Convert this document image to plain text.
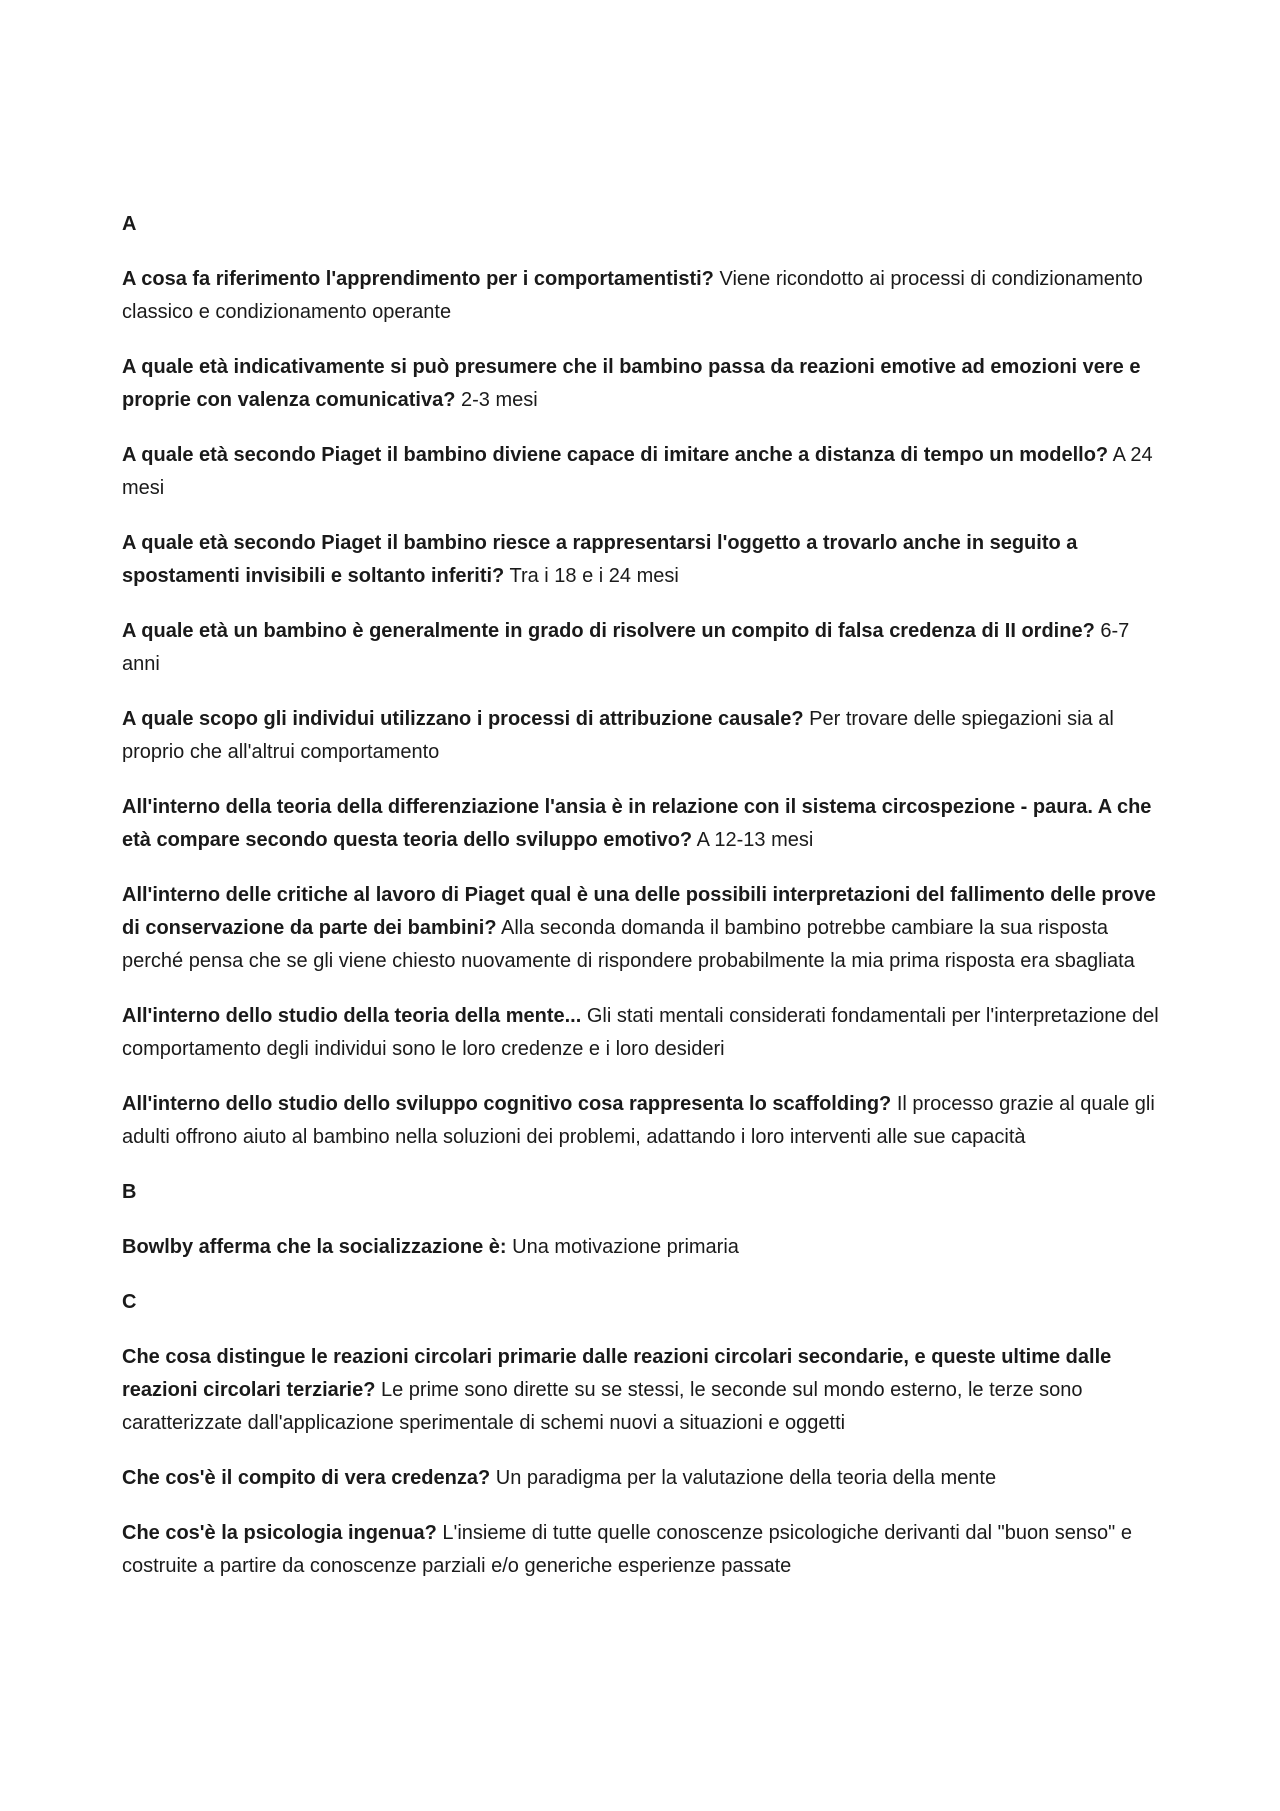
A

A cosa fa riferimento l'apprendimento per i comportamentisti? Viene ricondotto ai processi di condizionamento classico e condizionamento operante

A quale età indicativamente si può presumere che il bambino passa da reazioni emotive ad emozioni vere e proprie con valenza comunicativa? 2-3 mesi

A quale età secondo Piaget il bambino diviene capace di imitare anche a distanza di tempo un modello? A 24 mesi

A quale età secondo Piaget il bambino riesce a rappresentarsi l'oggetto a trovarlo anche in seguito a spostamenti invisibili e soltanto inferiti? Tra i 18 e i 24 mesi

A quale età un bambino è generalmente in grado di risolvere un compito di falsa credenza di II ordine? 6-7 anni

A quale scopo gli individui utilizzano i processi di attribuzione causale? Per trovare delle spiegazioni sia al proprio che all'altrui comportamento

All'interno della teoria della differenziazione l'ansia è in relazione con il sistema circospezione - paura. A che età compare secondo questa teoria dello sviluppo emotivo? A 12-13 mesi

All'interno delle critiche al lavoro di Piaget qual è una delle possibili interpretazioni del fallimento delle prove di conservazione da parte dei bambini? Alla seconda domanda il bambino potrebbe cambiare la sua risposta perché pensa che se gli viene chiesto nuovamente di rispondere probabilmente la mia prima risposta era sbagliata

All'interno dello studio della teoria della mente... Gli stati mentali considerati fondamentali per l'interpretazione del comportamento degli individui sono le loro credenze e i loro desideri

All'interno dello studio dello sviluppo cognitivo cosa rappresenta lo scaffolding? Il processo grazie al quale gli adulti offrono aiuto al bambino nella soluzioni dei problemi, adattando i loro interventi alle sue capacità

B

Bowlby afferma che la socializzazione è: Una motivazione primaria

C

Che cosa distingue le reazioni circolari primarie dalle reazioni circolari secondarie, e queste ultime dalle reazioni circolari terziarie? Le prime sono dirette su se stessi, le seconde sul mondo esterno, le terze sono caratterizzate dall'applicazione sperimentale di schemi nuovi a situazioni e oggetti

Che cos'è il compito di vera credenza? Un paradigma per la valutazione della teoria della mente

Che cos'è la psicologia ingenua? L'insieme di tutte quelle conoscenze psicologiche derivanti dal "buon senso" e costruite a partire da conoscenze parziali e/o generiche esperienze passate
